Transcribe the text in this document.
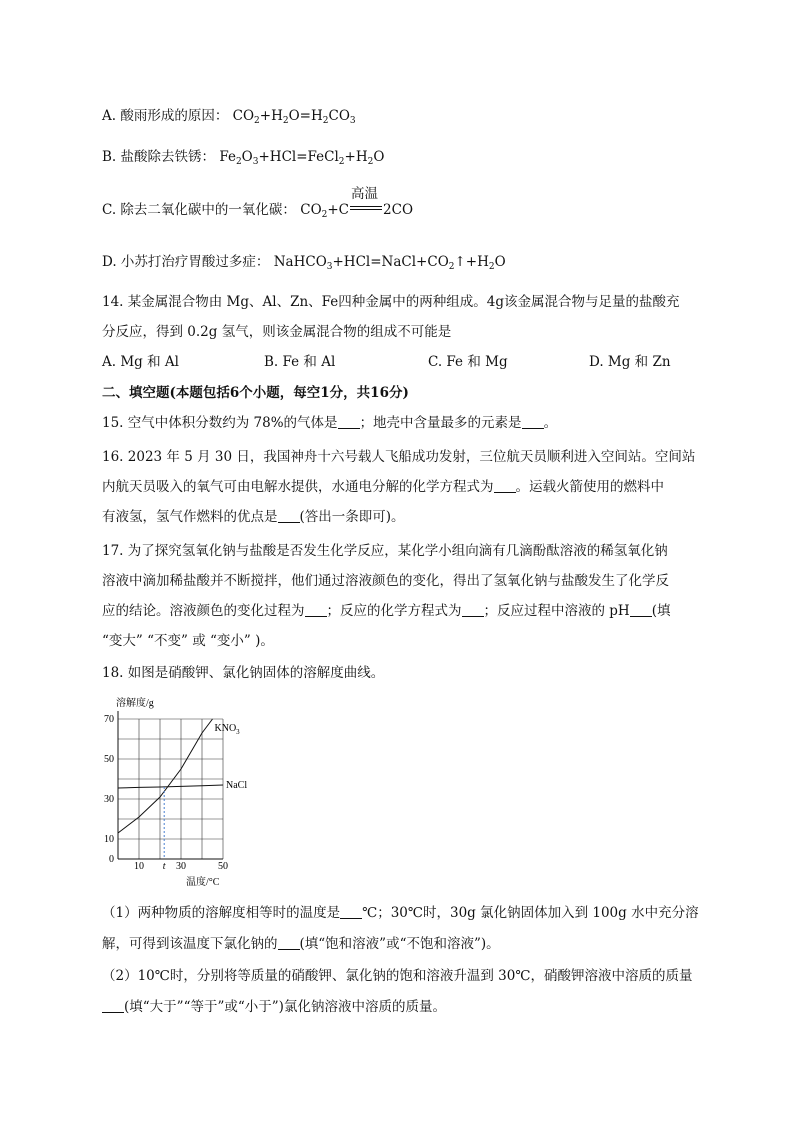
A. 酸雨形成的原因： $CO_2+H_2O=H_2CO_3$
B. 盐酸除去铁锈： $Fe_2O_3+HCl=FeCl_2+H_2O$
C. 除去二氧化碳中的一氧化碳： $CO_2+C$
高温
2CO
D. 小苏打治疗胃酸过多症： $NaHCO_3+HCl=NaCl+CO_2↑+H_2O$
14. 某金属混合物由 Mg、Al、Zn、Fe四种金属中的两种组成。4g该金属混合物与足量的盐酸充
分反应，得到 0.2g 氢气，则该金属混合物的组成不可能是
A. Mg 和 Al	B. Fe 和 Al	C. Fe 和 Mg	D. Mg 和 Zn
二、填空题(本题包括6个小题，每空1分，共16分)
15. 空气中体积分数约为 78%的气体是 ；地壳中含量最多的元素是 。
16. 2023 年 5 月 30 日，我国神舟十六号载人飞船成功发射，三位航天员顺利进入空间站。空间站
内航天员吸入的氧气可由电解水提供，水通电分解的化学方程式为 。运载火箭使用的燃料中
有液氢，氢气作燃料的优点是 (答出一条即可)。
17. 为了探究氢氧化钠与盐酸是否发生化学反应，某化学小组向滴有几滴酚酞溶液的稀氢氧化钠
溶液中滴加稀盐酸并不断搅拌，他们通过溶液颜色的变化，得出了氢氧化钠与盐酸发生了化学反
应的结论。溶液颜色的变化过程为 ；反应的化学方程式为 ；反应过程中溶液的 pH (填
“变大” “不变” 或 “变小” )。
18. 如图是硝酸钾、氯化钠固体的溶解度曲线。
溶解度/g
70
50
30
10
0
10 t 30	50
$KNO_3$
NaCl
温度/°C
（1）两种物质的溶解度相等时的温度是 ℃；30℃时，30g 氯化钠固体加入到 100g 水中充分溶
解，可得到该温度下氯化钠的 (填“饱和溶液”或“不饱和溶液”)。
（2）10℃时，分别将等质量的硝酸钾、氯化钠的饱和溶液升温到 30℃，硝酸钾溶液中溶质的质量
(填“大于”“等于”或“小于”)氯化钠溶液中溶质的质量。
